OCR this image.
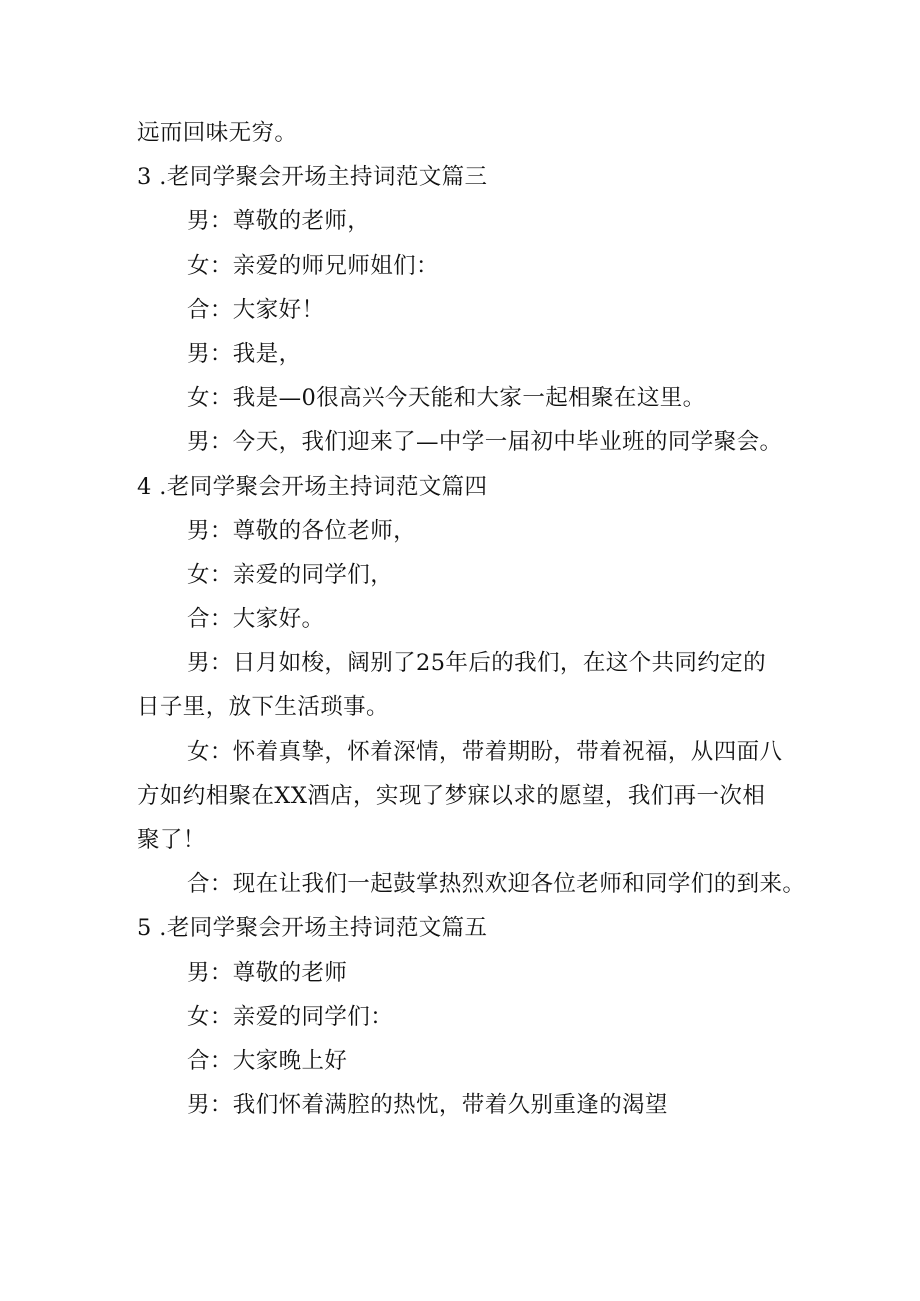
远而回味无穷。
3 .老同学聚会开场主持词范文篇三
男：尊敬的老师，
女：亲爱的师兄师姐们：
合：大家好！
男：我是，
女：我是—0很高兴今天能和大家一起相聚在这里。
男：今天，我们迎来了—中学一届初中毕业班的同学聚会。
4 .老同学聚会开场主持词范文篇四
男：尊敬的各位老师，
女：亲爱的同学们，
合：大家好。
男：日月如梭，阔别了25年后的我们，在这个共同约定的
日子里，放下生活琐事。
女：怀着真挚，怀着深情，带着期盼，带着祝福，从四面八
方如约相聚在XX酒店，实现了梦寐以求的愿望，我们再一次相
聚了！
合：现在让我们一起鼓掌热烈欢迎各位老师和同学们的到来。
5 .老同学聚会开场主持词范文篇五
男：尊敬的老师
女：亲爱的同学们：
合：大家晚上好
男：我们怀着满腔的热忱，带着久别重逢的渴望
